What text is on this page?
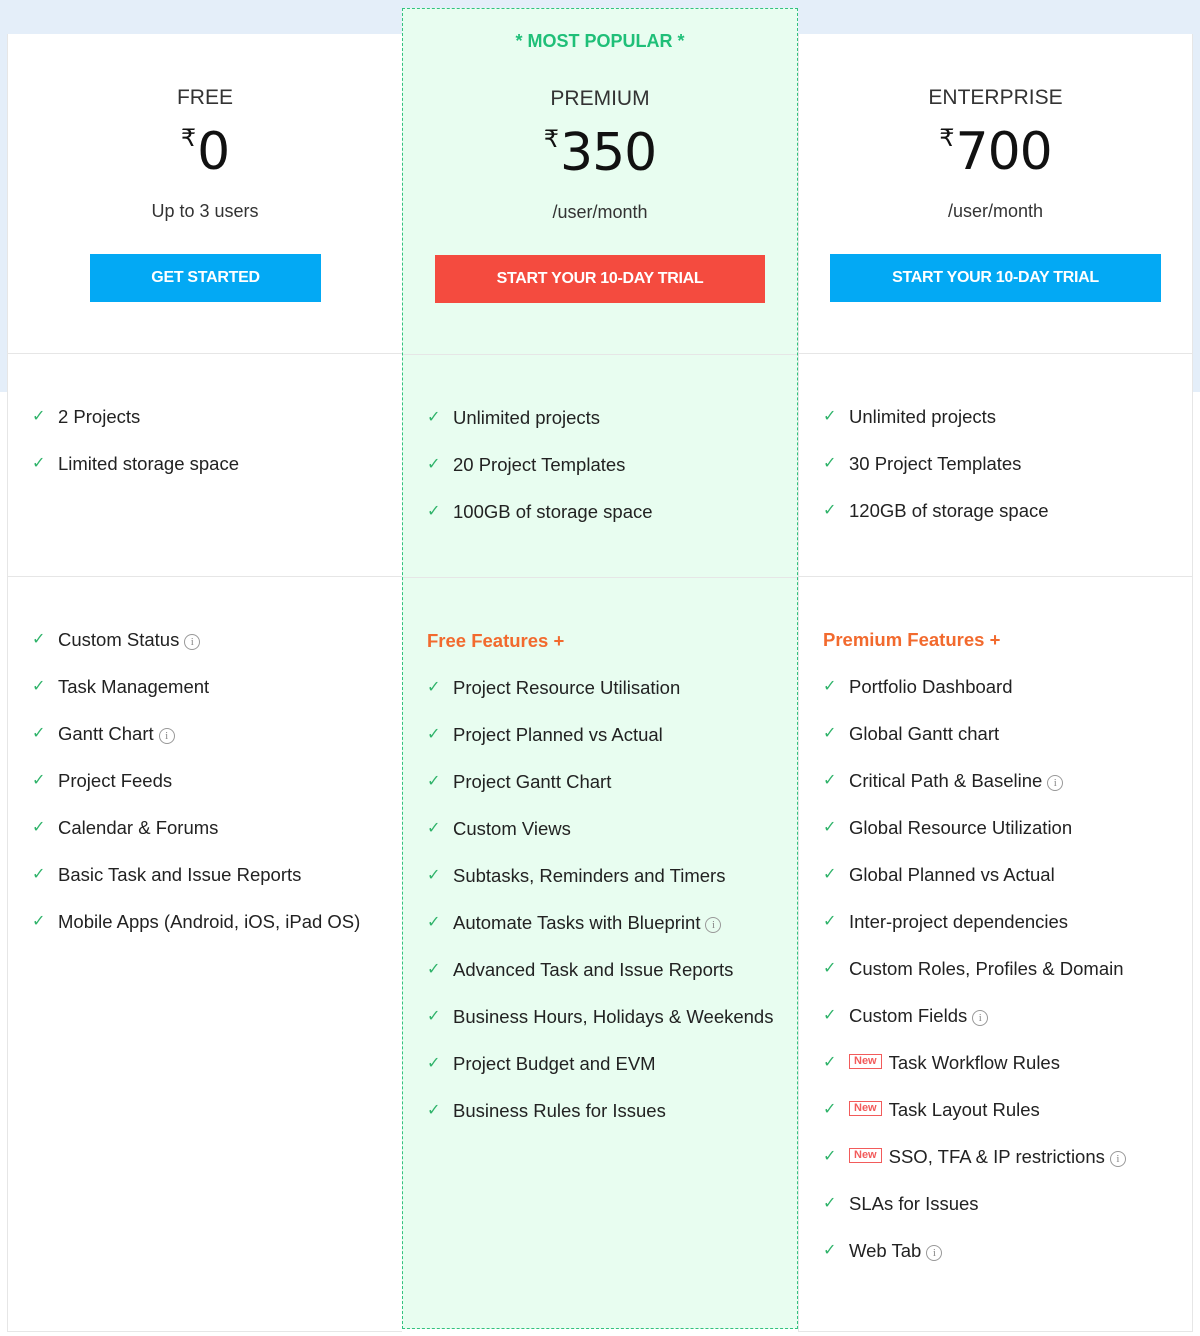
FREE
₹0
Up to 3 users
GET STARTED
✓ 2 Projects
✓ Limited storage space
✓ Custom Status i
✓ Task Management
✓ Gantt Chart i
✓ Project Feeds
✓ Calendar & Forums
✓ Basic Task and Issue Reports
✓ Mobile Apps (Android, iOS, iPad OS)
* MOST POPULAR *
PREMIUM
₹350
/user/month
START YOUR 10-DAY TRIAL
✓ Unlimited projects
✓ 20 Project Templates
✓ 100GB of storage space
Free Features +
✓ Project Resource Utilisation
✓ Project Planned vs Actual
✓ Project Gantt Chart
✓ Custom Views
✓ Subtasks, Reminders and Timers
✓ Automate Tasks with Blueprint i
✓ Advanced Task and Issue Reports
✓ Business Hours, Holidays & Weekends
✓ Project Budget and EVM
✓ Business Rules for Issues
ENTERPRISE
₹700
/user/month
START YOUR 10-DAY TRIAL
✓ Unlimited projects
✓ 30 Project Templates
✓ 120GB of storage space
Premium Features +
✓ Portfolio Dashboard
✓ Global Gantt chart
✓ Critical Path & Baseline i
✓ Global Resource Utilization
✓ Global Planned vs Actual
✓ Inter-project dependencies
✓ Custom Roles, Profiles & Domain
✓ Custom Fields i
✓ New Task Workflow Rules
✓ New Task Layout Rules
✓ New SSO, TFA & IP restrictions i
✓ SLAs for Issues
✓ Web Tab i
